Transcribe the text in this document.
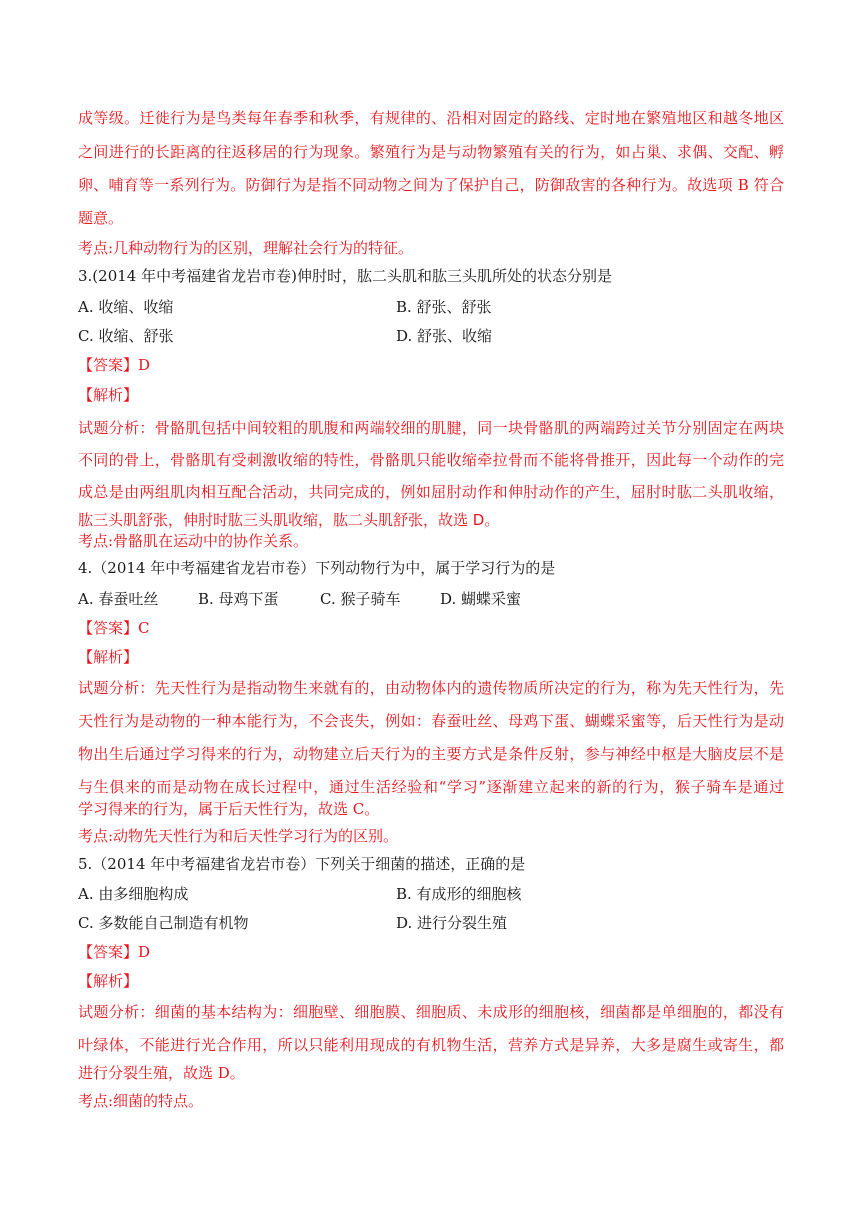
成等级。迁徙行为是鸟类每年春季和秋季，有规律的、沿相对固定的路线、定时地在繁殖地区和越冬地区
之间进行的长距离的往返移居的行为现象。繁殖行为是与动物繁殖有关的行为，如占巢、求偶、交配、孵
卵、哺育等一系列行为。防御行为是指不同动物之间为了保护自己，防御敌害的各种行为。故选项 B 符合
题意。
考点:几种动物行为的区别，理解社会行为的特征。
3.(2014 年中考福建省龙岩市卷)伸肘时，肱二头肌和肱三头肌所处的状态分别是
A. 收缩、收缩	B. 舒张、舒张
C. 收缩、舒张	D. 舒张、收缩
【答案】D
【解析】
试题分析：骨骼肌包括中间较粗的肌腹和两端较细的肌腱，同一块骨骼肌的两端跨过关节分别固定在两块
不同的骨上，骨骼肌有受刺激收缩的特性，骨骼肌只能收缩牵拉骨而不能将骨推开，因此每一个动作的完
成总是由两组肌肉相互配合活动，共同完成的，例如屈肘动作和伸肘动作的产生，屈肘时肱二头肌收缩，
肱三头肌舒张，伸肘时肱三头肌收缩，肱二头肌舒张，故选 D。
考点:骨骼肌在运动中的协作关系。
4.（2014 年中考福建省龙岩市卷）下列动物行为中，属于学习行为的是
A. 春蚕吐丝	B. 母鸡下蛋	C. 猴子骑车	D. 蝴蝶采蜜
【答案】C
【解析】
试题分析：先天性行为是指动物生来就有的，由动物体内的遗传物质所决定的行为，称为先天性行为，先
天性行为是动物的一种本能行为，不会丧失，例如：春蚕吐丝、母鸡下蛋、蝴蝶采蜜等，后天性行为是动
物出生后通过学习得来的行为，动物建立后天行为的主要方式是条件反射，参与神经中枢是大脑皮层不是
与生俱来的而是动物在成长过程中，通过生活经验和“学习”逐渐建立起来的新的行为，猴子骑车是通过
学习得来的行为，属于后天性行为，故选 C。
考点:动物先天性行为和后天性学习行为的区别。
5.（2014 年中考福建省龙岩市卷）下列关于细菌的描述，正确的是
A. 由多细胞构成	B. 有成形的细胞核
C. 多数能自己制造有机物	D. 进行分裂生殖
【答案】D
【解析】
试题分析：细菌的基本结构为：细胞壁、细胞膜、细胞质、未成形的细胞核，细菌都是单细胞的，都没有
叶绿体，不能进行光合作用，所以只能利用现成的有机物生活，营养方式是异养，大多是腐生或寄生，都
进行分裂生殖，故选 D。
考点:细菌的特点。
